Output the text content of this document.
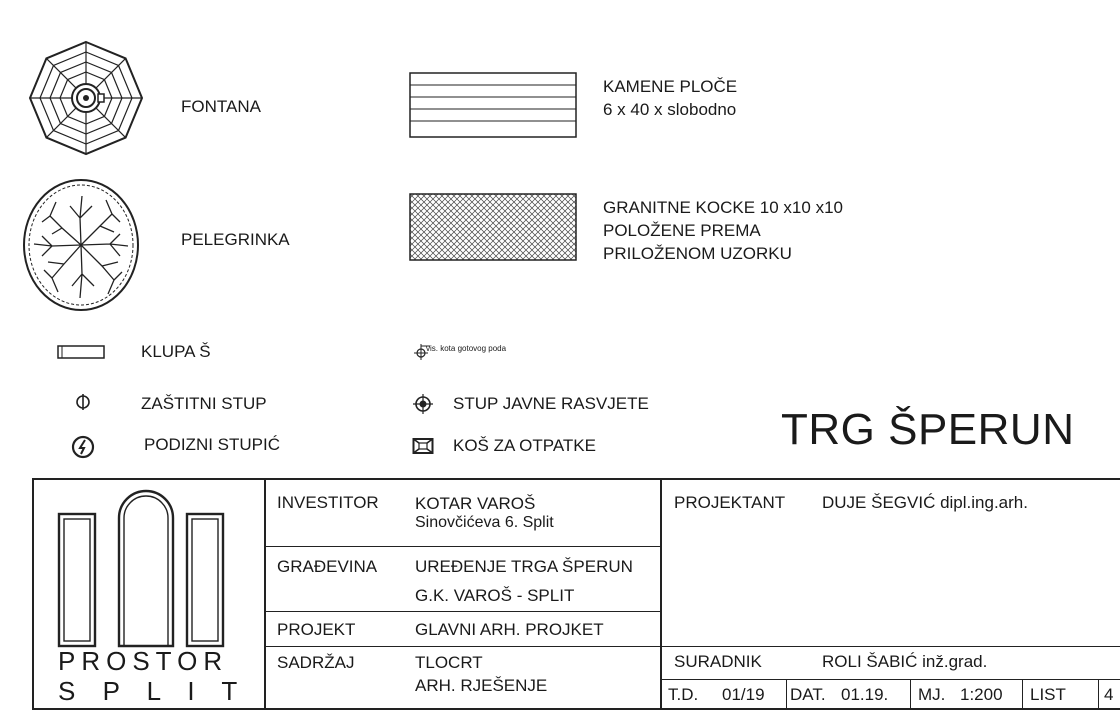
FONTANA
PELEGRINKA
KAMENE PLOČE
6 x 40 x slobodno
GRANITNE KOCKE 10 x10 x10
POLOŽENE PREMA
PRILOŽENOM UZORKU
KLUPA Š	vis. kota gotovog poda
ZAŠTITNI STUP	STUP JAVNE RASVJETE
PODIZNI STUPIĆ	KOŠ ZA OTPATKE	TRG ŠPERUN
PROSTOR
S P L I T
INVESTITOR KOTAR VAROŠ
Sinovčićeva 6. Split
GRAĐEVINA UREĐENJE TRGA ŠPERUN
G.K. VAROŠ - SPLIT
PROJEKT	GLAVNI ARH. PROJKET
SADRŽAJ	TLOCRT
ARH. RJEŠENJE
PROJEKTANT DUJE ŠEGVIĆ dipl.ing.arh.
SURADNIK	ROLI ŠABIĆ inž.grad.
T.D. 01/19 DAT. 01.19. MJ. 1:200 LIST 4
